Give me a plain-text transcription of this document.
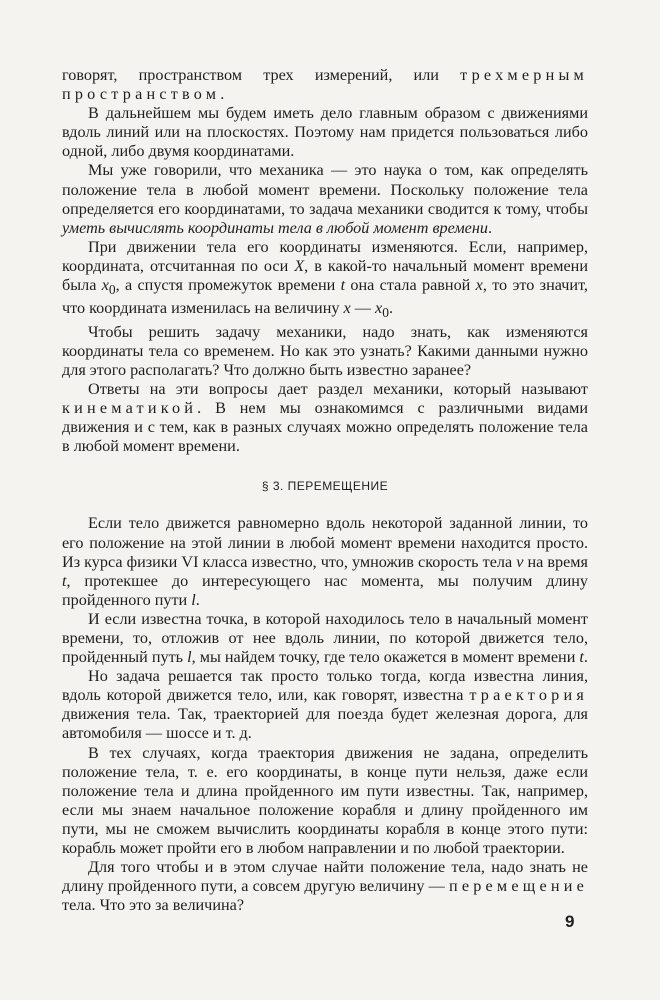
говорят, пространством трех измерений, или трехмерным пространством.

В дальнейшем мы будем иметь дело главным образом с движениями вдоль линий или на плоскостях. Поэтому нам придется пользоваться либо одной, либо двумя координатами.

Мы уже говорили, что механика — это наука о том, как определять положение тела в любой момент времени. Поскольку положение тела определяется его координатами, то задача механики сводится к тому, чтобы уметь вычислять координаты тела в любой момент времени.

При движении тела его координаты изменяются. Если, например, координата, отсчитанная по оси X, в какой-то начальный момент времени была $x_0$, а спустя промежуток времени t она стала равной x, то это значит, что координата изменилась на величину x — $x_0$.

Чтобы решить задачу механики, надо знать, как изменяются координаты тела со временем. Но как это узнать? Какими данными нужно для этого располагать? Что должно быть известно заранее?

Ответы на эти вопросы дает раздел механики, который называют кинематикой. В нем мы ознакомимся с различными видами движения и с тем, как в разных случаях можно определять положение тела в любой момент времени.

§ 3. ПЕРЕМЕЩЕНИЕ

Если тело движется равномерно вдоль некоторой заданной линии, то его положение на этой линии в любой момент времени находится просто. Из курса физики VI класса известно, что, умножив скорость тела v на время t, протекшее до интересующего нас момента, мы получим длину пройденного пути l.

И если известна точка, в которой находилось тело в начальный момент времени, то, отложив от нее вдоль линии, по которой движется тело, пройденный путь l, мы найдем точку, где тело окажется в момент времени t.

Но задача решается так просто только тогда, когда известна линия, вдоль которой движется тело, или, как говорят, известна траектория движения тела. Так, траекторией для поезда будет железная дорога, для автомобиля — шоссе и т. д.

В тех случаях, когда траектория движения не задана, определить положение тела, т. е. его координаты, в конце пути нельзя, даже если положение тела и длина пройденного им пути известны. Так, например, если мы знаем начальное положение корабля и длину пройденного им пути, мы не сможем вычислить координаты корабля в конце этого пути: корабль может пройти его в любом направлении и по любой траектории.

Для того чтобы и в этом случае найти положение тела, надо знать не длину пройденного пути, а совсем другую величину — перемещение тела. Что это за величина?

9
